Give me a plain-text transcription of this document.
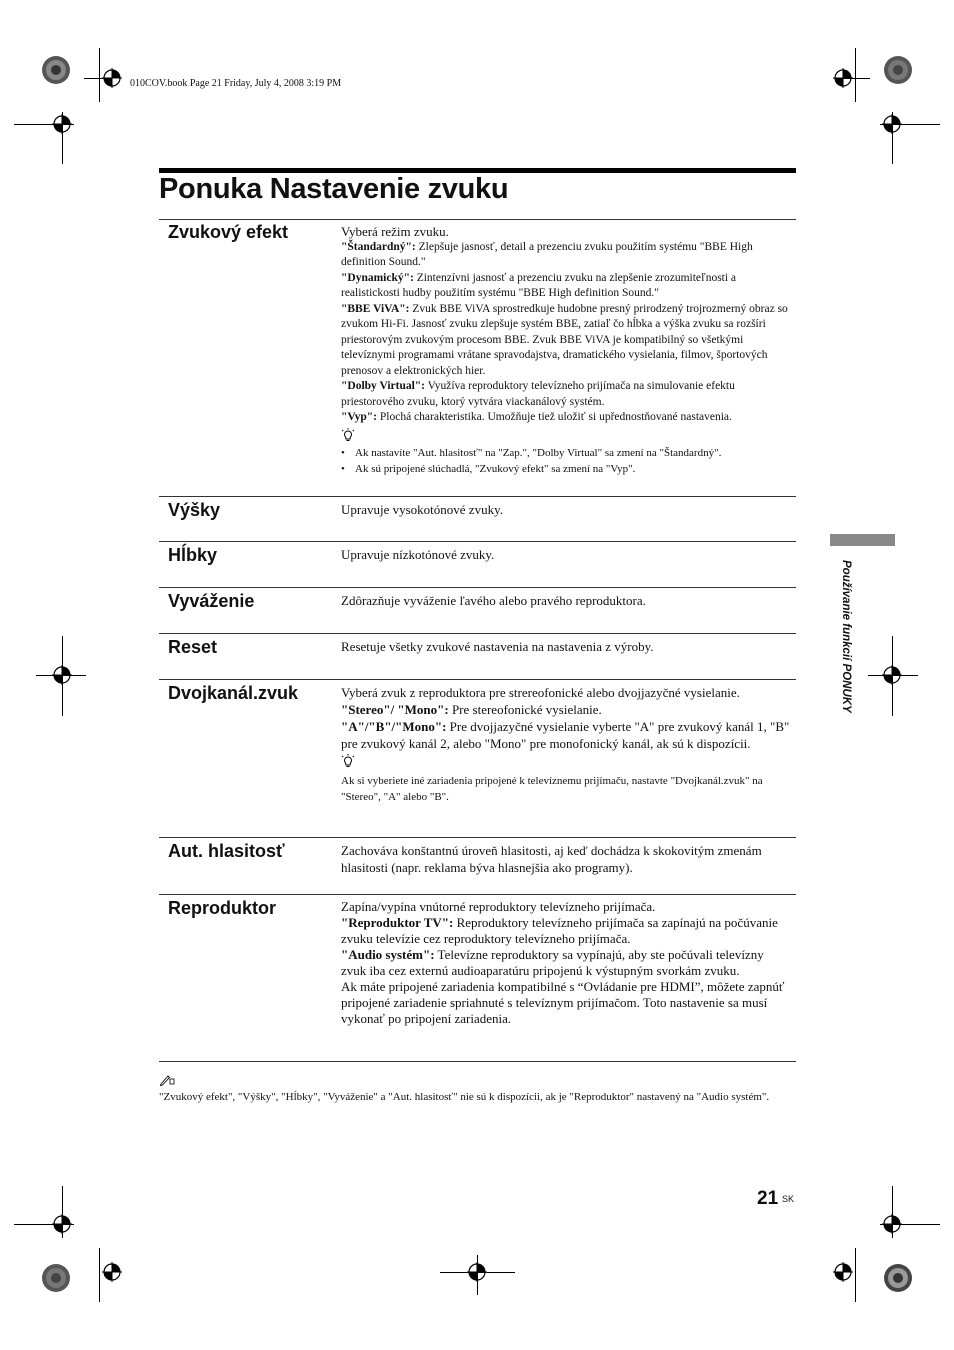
010COV.book Page 21 Friday, July 4, 2008 3:19 PM
Ponuka Nastavenie zvuku
Zvukový efekt	Vyberá režim zvuku.

"Štandardný": Zlepšuje jasnosť, detail a prezenciu zvuku použitím systému "BBE High definition Sound."

"Dynamický": Zintenzívni jasnosť a prezenciu zvuku na zlepšenie zrozumiteľnosti a realistickosti hudby použitím systému "BBE High definition Sound."

"BBE ViVA": Zvuk BBE ViVA sprostredkuje hudobne presný prirodzený trojrozmerný obraz so zvukom Hi-Fi. Jasnosť zvuku zlepšuje systém BBE, zatiaľ čo hĺbka a výška zvuku sa rozšíri priestorovým zvukovým procesom BBE. Zvuk BBE ViVA je kompatibilný so všetkými televíznymi programami vrátane spravodajstva, dramatického vysielania, filmov, športových prenosov a elektronických hier.

"Dolby Virtual": Využíva reproduktory televízneho prijímača na simulovanie efektu priestorového zvuku, ktorý vytvára viackanálový systém.

"Vyp": Plochá charakteristika. Umožňuje tiež uložiť si upřednostňované nastavenia.

• Ak nastavíte "Aut. hlasitosť" na "Zap.", "Dolby Virtual" sa zmení na "Štandardný".
• Ak sú pripojené slúchadlá, "Zvukový efekt" sa zmení na "Vyp".
Výšky	Upravuje vysokotónové zvuky.
Hĺbky	Upravuje nízkotónové zvuky.
Vyváženie	Zdôrazňuje vyváženie ľavého alebo pravého reproduktora.
Reset	Resetuje všetky zvukové nastavenia na nastavenia z výroby.
Dvojkanál.zvuk	Vyberá zvuk z reproduktora pre strereofonické alebo dvojjazyčné vysielanie.

"Stereo"/ "Mono": Pre stereofonické vysielanie.

"A"/"B"/"Mono": Pre dvojjazyčné vysielanie vyberte "A" pre zvukový kanál 1, "B" pre zvukový kanál 2, alebo "Mono" pre monofonický kanál, ak sú k dispozícii.

Ak si vyberiete iné zariadenia pripojené k televíznemu prijímaču, nastavte "Dvojkanál.zvuk" na "Stereo", "A" alebo "B".

Aut. hlasitosť	Zachováva konštantnú úroveň hlasitosti, aj keď dochádza k skokovitým zmenám hlasitosti (napr. reklama býva hlasnejšia ako programy).
Reproduktor	Zapína/vypína vnútorné reproduktory televízneho prijímača.

"Reproduktor TV": Reproduktory televízneho prijímača sa zapínajú na počúvanie zvuku televízie cez reproduktory televízneho prijímača.

"Audio systém": Televízne reproduktory sa vypínajú, aby ste počúvali televízny zvuk iba cez externú audioaparatúru pripojenú k výstupným svorkám zvuku.

Ak máte pripojené zariadenia kompatibilné s “Ovládanie pre HDMI”, môžete zapnúť pripojené zariadenie spriahnuté s televíznym prijímačom. Toto nastavenie sa musí vykonať po pripojení zariadenia.

Používanie funkcií PONUKY
"Zvukový efekt", "Výšky", "Hĺbky", "Vyváženie" a "Aut. hlasitosť" nie sú k dispozícii, ak je "Reproduktor" nastavený na "Audio systém".
21 SK
